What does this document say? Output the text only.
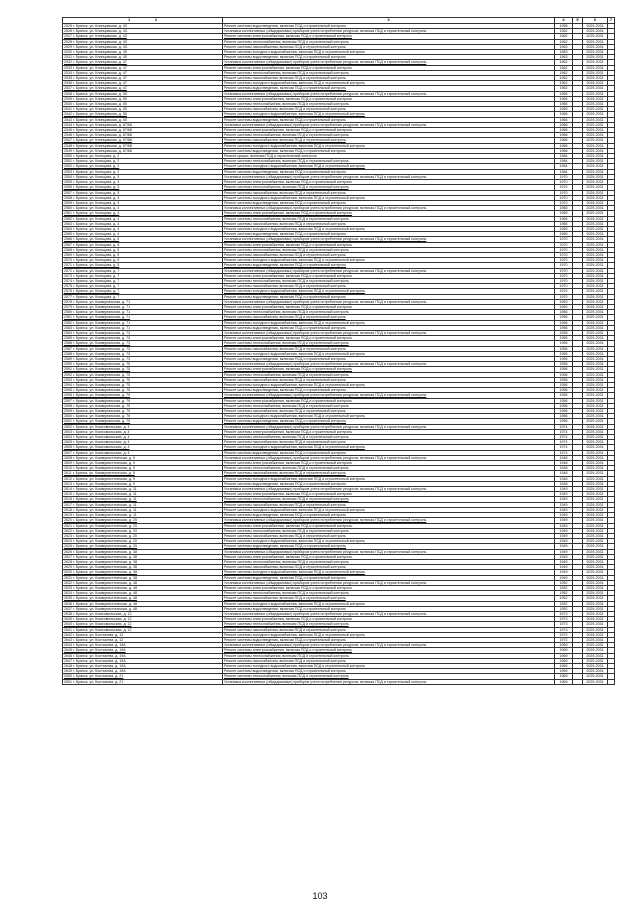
1 2	3	4	5	6	7
2525 г. Брянск, ул. Клинцовская, д. 43	Ремонт системы водоотведения, включая ПСД и строительный контроль	1958		2029-2031	
2526 г. Брянск, ул. Клинцовская, д. 43	Установка коллективных (общедомовых) приборов учета потребления ресурсов, включая ПСД и строительный контроль	1962		2029-2031	
2527 г. Брянск, ул. Клинцовская, д. 43	Ремонт системы электроснабжения, включая ПСД и строительный контроль	1962		2029-2031	
2528 г. Брянск, ул. Клинцовская, д. 43	Ремонт системы теплоснабжения, включая ПСД и строительный контроль	1962		2029-2031	
2529 г. Брянск, ул. Клинцовская, д. 43	Ремонт системы газоснабжения, включая ПСД и строительный контроль	1963		2029-2031	
2530 г. Брянск, ул. Клинцовская, д. 45	Ремонт системы холодного водоснабжения, включая ПСД и строительный контроль	1963		2029-2031	
2531 г. Брянск, ул. Клинцовская, д. 45	Ремонт системы водоотведения, включая ПСД и строительный контроль	1963		2029-2031	
2532 г. Брянск, ул. Клинцовская, д. 47	Установка коллективных (общедомовых) приборов учета потребления ресурсов, включая ПСД и строительный контроль	1962		2029-2031	
2533 г. Брянск, ул. Клинцовская, д. 47	Ремонт системы электроснабжения, включая ПСД и строительный контроль	1962		2029-2031	
2534 г. Брянск, ул. Клинцовская, д. 47	Ремонт системы теплоснабжения, включая ПСД и строительный контроль	1962		2029-2031	
2535 г. Брянск, ул. Клинцовская, д. 47	Ремонт системы газоснабжения, включая ПСД и строительный контроль	1962		2029-2031	
2536 г. Брянск, ул. Клинцовская, д. 47	Ремонт системы холодного водоснабжения, включая ПСД и строительный контроль	1962		2029-2031	
2537 г. Брянск, ул. Клинцовская, д. 47	Ремонт системы водоотведения, включая ПСД и строительный контроль	1962		2029-2031	
2538 г. Брянск, ул. Клинцовская, д. 55	Установка коллективных (общедомовых) приборов учета потребления ресурсов, включая ПСД и строительный контроль	1965		2029-2031	
2539 г. Брянск, ул. Клинцовская, д. 55	Ремонт системы электроснабжения, включая ПСД и строительный контроль	1965		2029-2031	
2540 г. Брянск, ул. Клинцовская, д. 55	Ремонт системы теплоснабжения, включая ПСД и строительный контроль	1965		2029-2031	
2541 г. Брянск, ул. Клинцовская, д. 55	Ремонт системы газоснабжения, включая ПСД и строительный контроль	1965		2029-2031	
2542 г. Брянск, ул. Клинцовская, д. 55	Ремонт системы холодного водоснабжения, включая ПСД и строительный контроль	1965		2029-2031	
2543 г. Брянск, ул. Клинцовская, д. 55	Ремонт системы водоотведения, включая ПСД и строительный контроль	1965		2029-2031	
2544 г. Брянск, ул. Клинцовская, д. 67/68	Установка коллективных (общедомовых) приборов учета потребления ресурсов, включая ПСД и строительный контроль	1966		2029-2031	
2545 г. Брянск, ул. Клинцовская, д. 67/68	Ремонт системы электроснабжения, включая ПСД и строительный контроль	1966		2029-2031	
2546 г. Брянск, ул. Клинцовская, д. 67/68	Ремонт системы теплоснабжения, включая ПСД и строительный контроль	1966		2029-2031	
2547 г. Брянск, ул. Клинцовская, д. 67/68	Ремонт системы газоснабжения, включая ПСД и строительный контроль	1966		2029-2031	
2548 г. Брянск, ул. Клинцовская, д. 67/68	Ремонт системы холодного водоснабжения, включая ПСД и строительный контроль	1966		2029-2031	
2549 г. Брянск, ул. Клинцовская, д. 67/68	Ремонт системы водоотведения, включая ПСД и строительный контроль	1966		2029-2031	
2550 г. Брянск, ул. Кольцова, д. 2	Ремонт крыши, включая ПСД и строительный контроль	1984		2029-2031	
2551 г. Брянск, ул. Кольцова, д. 2	Ремонт системы теплоснабжения, включая ПСД и строительный контроль	1984		2029-2031	
2552 г. Брянск, ул. Кольцова, д. 2	Ремонт системы холодного водоснабжения, включая ПСД и строительный контроль	1984		2029-2031	
2553 г. Брянск, ул. Кольцова, д. 2	Ремонт системы водоотведения, включая ПСД и строительный контроль	1984		2029-2031	
2554 г. Брянск, ул. Кольцова, д. 3	Установка коллективных (общедомовых) приборов учета потребления ресурсов, включая ПСД и строительный контроль	1970		2029-2031	
2555 г. Брянск, ул. Кольцова, д. 3	Ремонт системы электроснабжения, включая ПСД и строительный контроль	1970		2029-2031	
2556 г. Брянск, ул. Кольцова, д. 3	Ремонт системы теплоснабжения, включая ПСД и строительный контроль	1970		2029-2031	
2557 г. Брянск, ул. Кольцова, д. 3	Ремонт системы газоснабжения, включая ПСД и строительный контроль	1970		2029-2031	
2558 г. Брянск, ул. Кольцова, д. 3	Ремонт системы холодного водоснабжения, включая ПСД и строительный контроль	1970		2029-2031	
2559 г. Брянск, ул. Кольцова, д. 3	Ремонт системы водоотведения, включая ПСД и строительный контроль	1970		2029-2031	
2560 г. Брянск, ул. Кольцова, д. 4	Установка коллективных (общедомовых) приборов учета потребления ресурсов, включая ПСД и строительный контроль	1965		2029-2031	
2561 г. Брянск, ул. Кольцова, д. 4	Ремонт системы электроснабжения, включая ПСД и строительный контроль	1965		2029-2031	
2562 г. Брянск, ул. Кольцова, д. 4	Ремонт системы теплоснабжения, включая ПСД и строительный контроль	1965		2029-2031	
2563 г. Брянск, ул. Кольцова, д. 4	Ремонт системы газоснабжения, включая ПСД и строительный контроль	1965		2029-2031	
2564 г. Брянск, ул. Кольцова, д. 4	Ремонт системы холодного водоснабжения, включая ПСД и строительный контроль	1965		2029-2031	
2565 г. Брянск, ул. Кольцова, д. 4	Ремонт системы водоотведения, включая ПСД и строительный контроль	1965		2029-2031	
2566 г. Брянск, ул. Кольцова, д. 5	Установка коллективных (общедомовых) приборов учета потребления ресурсов, включая ПСД и строительный контроль	1970		2029-2031	
2567 г. Брянск, ул. Кольцова, д. 5	Ремонт системы электроснабжения, включая ПСД и строительный контроль	1970		2029-2031	
2568 г. Брянск, ул. Кольцова, д. 5	Ремонт системы теплоснабжения, включая ПСД и строительный контроль	1970		2029-2031	
2569 г. Брянск, ул. Кольцова, д. 5	Ремонт системы газоснабжения, включая ПСД и строительный контроль	1970		2029-2031	
2570 г. Брянск, ул. Кольцова, д. 5	Ремонт системы холодного водоснабжения, включая ПСД и строительный контроль	1970		2029-2031	
2571 г. Брянск, ул. Кольцова, д. 5	Ремонт системы водоотведения, включая ПСД и строительный контроль	1970		2029-2031	
2572 г. Брянск, ул. Кольцова, д. 7	Установка коллективных (общедомовых) приборов учета потребления ресурсов, включая ПСД и строительный контроль	1970		2029-2031	
2573 г. Брянск, ул. Кольцова, д. 7	Ремонт системы электроснабжения, включая ПСД и строительный контроль	1970		2029-2031	
2574 г. Брянск, ул. Кольцова, д. 7	Ремонт системы теплоснабжения, включая ПСД и строительный контроль	1970		2029-2031	
2575 г. Брянск, ул. Кольцова, д. 7	Ремонт системы газоснабжения, включая ПСД и строительный контроль	1970		2029-2031	
2576 г. Брянск, ул. Кольцова, д. 7	Ремонт системы холодного водоснабжения, включая ПСД и строительный контроль	1970		2029-2031	
2577 г. Брянск, ул. Кольцова, д. 7	Ремонт системы водоотведения, включая ПСД и строительный контроль	1970		2029-2031	
2578 г. Брянск, ул. Коммунальная, д. 71	Установка коллективных (общедомовых) приборов учета потребления ресурсов, включая ПСД и строительный контроль	1963		2029-2031	
2579 г. Брянск, ул. Коммунальная, д. 71	Ремонт системы электроснабжения, включая ПСД и строительный контроль	1963		2029-2031	
2580 г. Брянск, ул. Коммунальная, д. 71	Ремонт системы теплоснабжения, включая ПСД и строительный контроль	1956		2029-2031	
2581 г. Брянск, ул. Коммунальная, д. 71	Ремонт системы газоснабжения, включая ПСД и строительный контроль	1956		2029-2031	
2582 г. Брянск, ул. Коммунальная, д. 71	Ремонт системы холодного водоснабжения, включая ПСД и строительный контроль	1956		2029-2031	
2583 г. Брянск, ул. Коммунальная, д. 71	Ремонт системы водоотведения, включая ПСД и строительный контроль	1956		2029-2031	
2584 г. Брянск, ул. Коммунальная, д. 73	Установка коллективных (общедомовых) приборов учета потребления ресурсов, включая ПСД и строительный контроль	1955		2029-2031	
2585 г. Брянск, ул. Коммунальная, д. 73	Ремонт системы электроснабжения, включая ПСД и строительный контроль	1955		2029-2031	
2586 г. Брянск, ул. Коммунальная, д. 73	Ремонт системы теплоснабжения, включая ПСД и строительный контроль	1955		2029-2031	
2587 г. Брянск, ул. Коммунальная, д. 73	Ремонт системы газоснабжения, включая ПСД и строительный контроль	1955		2029-2031	
2588 г. Брянск, ул. Коммунальная, д. 73	Ремонт системы холодного водоснабжения, включая ПСД и строительный контроль	1955		2029-2031	
2589 г. Брянск, ул. Коммунальная, д. 73	Ремонт системы водоотведения, включая ПСД и строительный контроль	1955		2029-2031	
2590 г. Брянск, ул. Коммунальная, д. 75	Установка коллективных (общедомовых) приборов учета потребления ресурсов, включая ПСД и строительный контроль	1956		2029-2031	
2591 г. Брянск, ул. Коммунальная, д. 75	Ремонт системы электроснабжения, включая ПСД и строительный контроль	1956		2029-2031	
2592 г. Брянск, ул. Коммунальная, д. 75	Ремонт системы теплоснабжения, включая ПСД и строительный контроль	1956		2029-2031	
2593 г. Брянск, ул. Коммунальная, д. 75	Ремонт системы газоснабжения, включая ПСД и строительный контроль	1956		2029-2031	
2594 г. Брянск, ул. Коммунальная, д. 75	Ремонт системы холодного водоснабжения, включая ПСД и строительный контроль	1956		2029-2031	
2595 г. Брянск, ул. Коммунальная, д. 75	Ремонт системы водоотведения, включая ПСД и строительный контроль	1956		2029-2031	
2596 г. Брянск, ул. Коммунальная, д. 79	Установка коллективных (общедомовых) приборов учета потребления ресурсов, включая ПСД и строительный контроль	1956		2029-2031	
2597 г. Брянск, ул. Коммунальная, д. 79	Ремонт системы электроснабжения, включая ПСД и строительный контроль	1956		2029-2031	
2598 г. Брянск, ул. Коммунальная, д. 79	Ремонт системы теплоснабжения, включая ПСД и строительный контроль	1956		2029-2031	
2599 г. Брянск, ул. Коммунальная, д. 79	Ремонт системы газоснабжения, включая ПСД и строительный контроль	1956		2029-2031	
2600 г. Брянск, ул. Коммунальная, д. 79	Ремонт системы холодного водоснабжения, включая ПСД и строительный контроль	1956		2029-2031	
2601 г. Брянск, ул. Коммунальная, д. 79	Ремонт системы водоотведения, включая ПСД и строительный контроль	1956		2029-2031	
2602 г. Брянск, ул. Комсомольская, д. 4	Установка коллективных (общедомовых) приборов учета потребления ресурсов, включая ПСД и строительный контроль	1974		2029-2031	
2603 г. Брянск, ул. Комсомольская, д. 4	Ремонт системы электроснабжения, включая ПСД и строительный контроль	1974		2029-2031	
2604 г. Брянск, ул. Комсомольская, д. 4	Ремонт системы теплоснабжения, включая ПСД и строительный контроль	1974		2029-2031	
2605 г. Брянск, ул. Комсомольская, д. 4	Ремонт системы газоснабжения, включая ПСД и строительный контроль	1974		2029-2031	
2606 г. Брянск, ул. Комсомольская, д. 4	Ремонт системы холодного водоснабжения, включая ПСД и строительный контроль	1974		2029-2031	
2607 г. Брянск, ул. Комсомольская, д. 4	Ремонт системы водоотведения, включая ПСД и строительный контроль	1974		2029-2031	
2608 г. Брянск, ул. Коммунистическая, д. 9	Установка коллективных (общедомовых) приборов учета потребления ресурсов, включая ПСД и строительный контроль	1948		2029-2031	
2609 г. Брянск, ул. Коммунистическая, д. 9	Ремонт системы электроснабжения, включая ПСД и строительный контроль	1948		2029-2031	
2610 г. Брянск, ул. Коммунистическая, д. 9	Ремонт системы теплоснабжения, включая ПСД и строительный контроль	1948		2029-2031	
2611 г. Брянск, ул. Коммунистическая, д. 9	Ремонт системы газоснабжения, включая ПСД и строительный контроль	1948		2029-2031	
2612 г. Брянск, ул. Коммунистическая, д. 9	Ремонт системы холодного водоснабжения, включая ПСД и строительный контроль	1948		2029-2031	
2613 г. Брянск, ул. Коммунистическая, д. 9	Ремонт системы водоотведения, включая ПСД и строительный контроль	1948		2029-2031	
2614 г. Брянск, ул. Коммунистическая, д. 11	Установка коллективных (общедомовых) приборов учета потребления ресурсов, включая ПСД и строительный контроль	1949		2029-2031	
2615 г. Брянск, ул. Коммунистическая, д. 11	Ремонт системы электроснабжения, включая ПСД и строительный контроль	1949		2029-2031	
2616 г. Брянск, ул. Коммунистическая, д. 11	Ремонт системы теплоснабжения, включая ПСД и строительный контроль	1949		2029-2031	
2617 г. Брянск, ул. Коммунистическая, д. 11	Ремонт системы газоснабжения, включая ПСД и строительный контроль	1949		2029-2031	
2618 г. Брянск, ул. Коммунистическая, д. 11	Ремонт системы холодного водоснабжения, включая ПСД и строительный контроль	1949		2029-2031	
2619 г. Брянск, ул. Коммунистическая, д. 11	Ремонт системы водоотведения, включая ПСД и строительный контроль	1949		2029-2031	
2620 г. Брянск, ул. Коммунистическая, д. 20	Установка коллективных (общедомовых) приборов учета потребления ресурсов, включая ПСД и строительный контроль	1949		2029-2031	
2621 г. Брянск, ул. Коммунистическая, д. 20	Ремонт системы электроснабжения, включая ПСД и строительный контроль	1949		2029-2031	
2622 г. Брянск, ул. Коммунистическая, д. 20	Ремонт системы теплоснабжения, включая ПСД и строительный контроль	1949		2029-2031	
2623 г. Брянск, ул. Коммунистическая, д. 20	Ремонт системы газоснабжения, включая ПСД и строительный контроль	1949		2029-2031	
2624 г. Брянск, ул. Коммунистическая, д. 20	Ремонт системы холодного водоснабжения, включая ПСД и строительный контроль	1949		2029-2031	
2625 г. Брянск, ул. Коммунистическая, д. 20	Ремонт системы водоотведения, включая ПСД и строительный контроль	1949		2029-2031	
2626 г. Брянск, ул. Коммунистическая, д. 38	Установка коллективных (общедомовых) приборов учета потребления ресурсов, включая ПСД и строительный контроль	1949		2029-2031	
2627 г. Брянск, ул. Коммунистическая, д. 38	Ремонт системы электроснабжения, включая ПСД и строительный контроль	1949		2029-2031	
2628 г. Брянск, ул. Коммунистическая, д. 38	Ремонт системы теплоснабжения, включая ПСД и строительный контроль	1949		2029-2031	
2629 г. Брянск, ул. Коммунистическая, д. 38	Ремонт системы газоснабжения, включая ПСД и строительный контроль	1949		2029-2031	
2630 г. Брянск, ул. Коммунистическая, д. 38	Ремонт системы холодного водоснабжения, включая ПСД и строительный контроль	1949		2029-2031	
2631 г. Брянск, ул. Коммунистическая, д. 38	Ремонт системы водоотведения, включая ПСД и строительный контроль	1949		2029-2031	
2632 г. Брянск, ул. Коммунистическая, д. 48	Установка коллективных (общедомовых) приборов учета потребления ресурсов, включая ПСД и строительный контроль	1952		2029-2031	
2633 г. Брянск, ул. Коммунистическая, д. 48	Ремонт системы электроснабжения, включая ПСД и строительный контроль	1952		2029-2031	
2634 г. Брянск, ул. Коммунистическая, д. 48	Ремонт системы теплоснабжения, включая ПСД и строительный контроль	1952		2029-2031	
2635 г. Брянск, ул. Коммунистическая, д. 48	Ремонт системы газоснабжения, включая ПСД и строительный контроль	1952		2029-2031	
2636 г. Брянск, ул. Коммунистическая, д. 48	Ремонт системы холодного водоснабжения, включая ПСД и строительный контроль	1952		2029-2031	
2637 г. Брянск, ул. Коммунистическая, д. 48	Ремонт системы водоотведения, включая ПСД и строительный контроль	1952		2029-2031	
2638 г. Брянск, ул. Комсомольская, д. 12	Установка коллективных (общедомовых) приборов учета потребления ресурсов, включая ПСД и строительный контроль	1973		2029-2031	
2639 г. Брянск, ул. Комсомольская, д. 12	Ремонт системы электроснабжения, включая ПСД и строительный контроль	1973		2029-2031	
2640 г. Брянск, ул. Комсомольская, д. 12	Ремонт системы теплоснабжения, включая ПСД и строительный контроль	1973		2029-2031	
2641 г. Брянск, ул. Комсомольская, д. 12	Ремонт системы газоснабжения, включая ПСД и строительный контроль	1973		2029-2031	
2642 г. Брянск, ул. Костычева, д. 12	Ремонт системы холодного водоснабжения, включая ПСД и строительный контроль	1972		2029-2031	
2643 г. Брянск, ул. Костычева, д. 12	Ремонт системы водоотведения, включая ПСД и строительный контроль	1972		2029-2031	
2644 г. Брянск, ул. Костычева, д. 19А	Установка коллективных (общедомовых) приборов учета потребления ресурсов, включая ПСД и строительный контроль	1969		2029-2031	
2645 г. Брянск, ул. Костычева, д. 19А	Ремонт системы электроснабжения, включая ПСД и строительный контроль	1969		2029-2031	
2646 г. Брянск, ул. Костычева, д. 19А	Ремонт системы теплоснабжения, включая ПСД и строительный контроль	1969		2029-2031	
2647 г. Брянск, ул. Костычева, д. 19А	Ремонт системы газоснабжения, включая ПСД и строительный контроль	1969		2029-2031	
2648 г. Брянск, ул. Костычева, д. 19А	Ремонт системы холодного водоснабжения, включая ПСД и строительный контроль	1969		2029-2031	
2649 г. Брянск, ул. Костычева, д. 19А	Ремонт системы водоотведения, включая ПСД и строительный контроль	1969		2029-2031	
2650 г. Брянск, ул. Костычева, д. 21	Ремонт системы теплоснабжения, включая ПСД и строительный контроль	1969		2029-2031	
2651 г. Брянск, ул. Костычева, д. 21	Установка коллективных (общедомовых) приборов учета потребления ресурсов, включая ПСД и строительный контроль	1969		2029-2031	
103
